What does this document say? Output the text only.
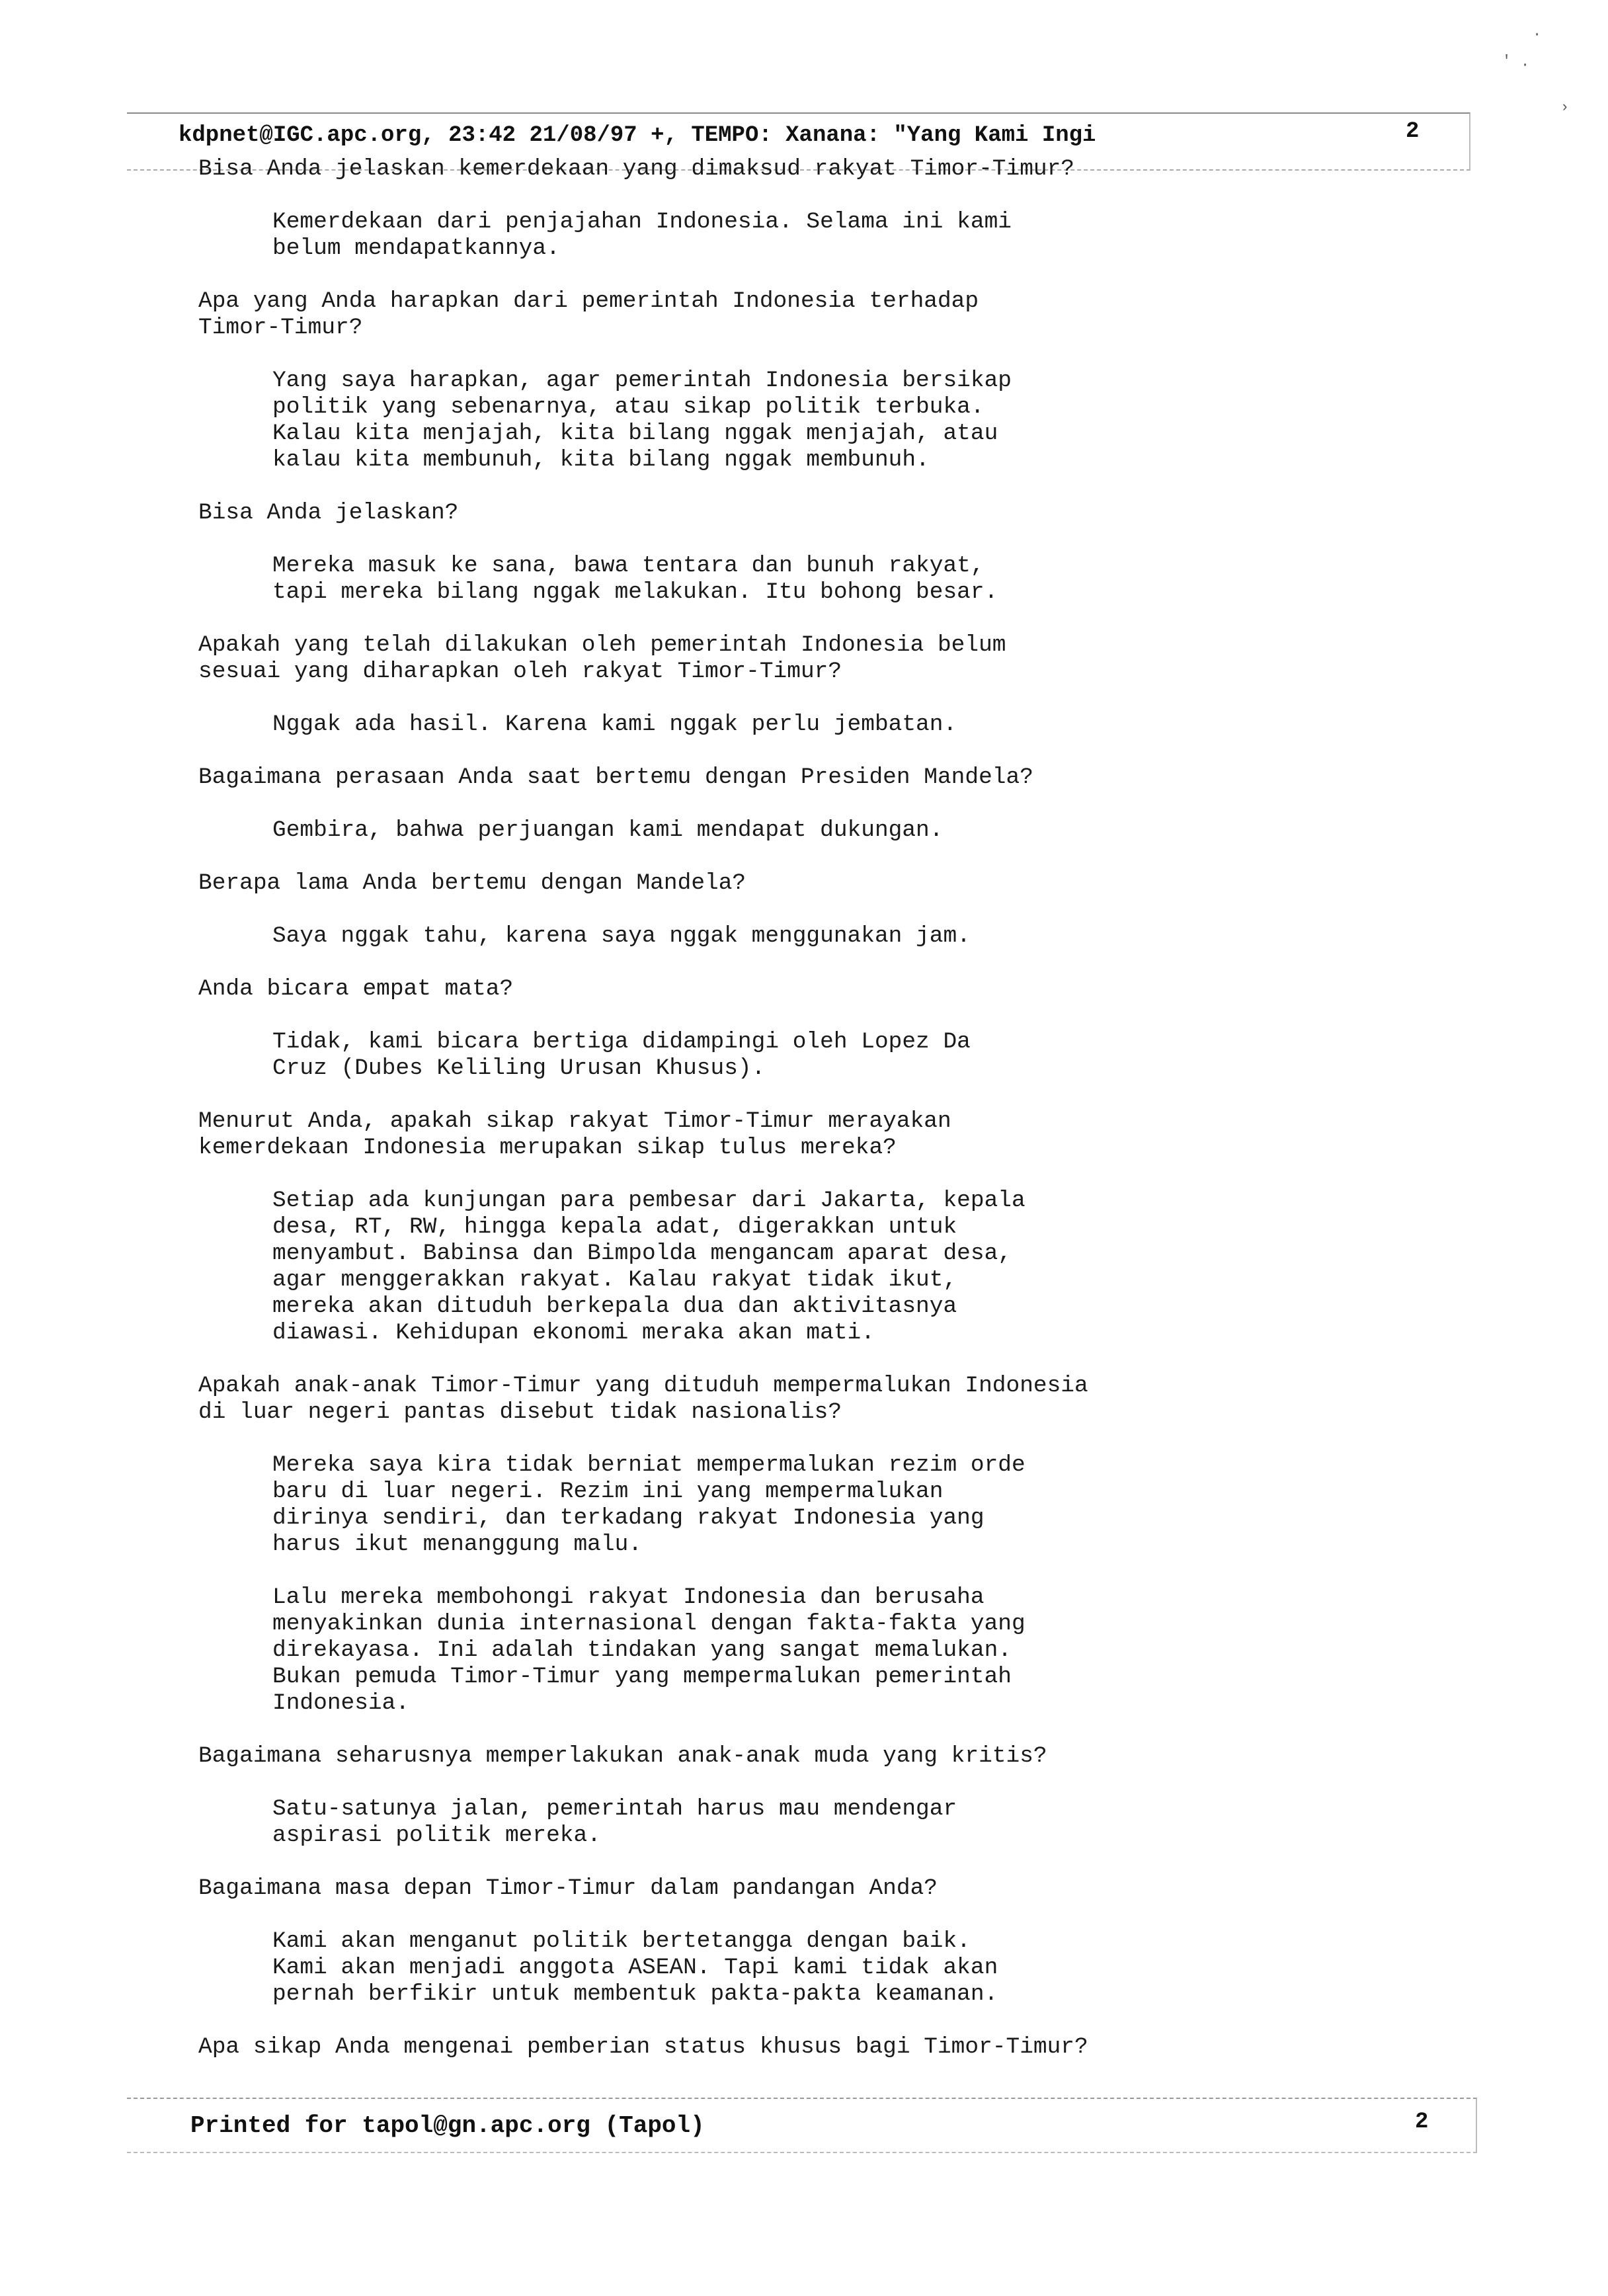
kdpnet@IGC.apc.org, 23:42 21/08/97 +, TEMPO: Xanana: "Yang Kami Ingi	2

Bisa Anda jelaskan kemerdekaan yang dimaksud rakyat Timor-Timur?

Kemerdekaan dari penjajahan Indonesia. Selama ini kami
belum mendapatkannya.

Apa yang Anda harapkan dari pemerintah Indonesia terhadap
Timor-Timur?

Yang saya harapkan, agar pemerintah Indonesia bersikap
politik yang sebenarnya, atau sikap politik terbuka.
Kalau kita menjajah, kita bilang nggak menjajah, atau
kalau kita membunuh, kita bilang nggak membunuh.

Bisa Anda jelaskan?

Mereka masuk ke sana, bawa tentara dan bunuh rakyat,
tapi mereka bilang nggak melakukan. Itu bohong besar.

Apakah yang telah dilakukan oleh pemerintah Indonesia belum
sesuai yang diharapkan oleh rakyat Timor-Timur?

Nggak ada hasil. Karena kami nggak perlu jembatan.

Bagaimana perasaan Anda saat bertemu dengan Presiden Mandela?

Gembira, bahwa perjuangan kami mendapat dukungan.

Berapa lama Anda bertemu dengan Mandela?

Saya nggak tahu, karena saya nggak menggunakan jam.

Anda bicara empat mata?

Tidak, kami bicara bertiga didampingi oleh Lopez Da
Cruz (Dubes Keliling Urusan Khusus).

Menurut Anda, apakah sikap rakyat Timor-Timur merayakan
kemerdekaan Indonesia merupakan sikap tulus mereka?

Setiap ada kunjungan para pembesar dari Jakarta, kepala
desa, RT, RW, hingga kepala adat, digerakkan untuk
menyambut. Babinsa dan Bimpolda mengancam aparat desa,
agar menggerakkan rakyat. Kalau rakyat tidak ikut,
mereka akan dituduh berkepala dua dan aktivitasnya
diawasi. Kehidupan ekonomi meraka akan mati.

Apakah anak-anak Timor-Timur yang dituduh mempermalukan Indonesia
di luar negeri pantas disebut tidak nasionalis?

Mereka saya kira tidak berniat mempermalukan rezim orde
baru di luar negeri. Rezim ini yang mempermalukan
dirinya sendiri, dan terkadang rakyat Indonesia yang
harus ikut menanggung malu.

Lalu mereka membohongi rakyat Indonesia dan berusaha
menyakinkan dunia internasional dengan fakta-fakta yang
direkayasa. Ini adalah tindakan yang sangat memalukan.
Bukan pemuda Timor-Timur yang mempermalukan pemerintah
Indonesia.

Bagaimana seharusnya memperlakukan anak-anak muda yang kritis?

Satu-satunya jalan, pemerintah harus mau mendengar
aspirasi politik mereka.

Bagaimana masa depan Timor-Timur dalam pandangan Anda?

Kami akan menganut politik bertetangga dengan baik.
Kami akan menjadi anggota ASEAN. Tapi kami tidak akan
pernah berfikir untuk membentuk pakta-pakta keamanan.

Apa sikap Anda mengenai pemberian status khusus bagi Timor-Timur?

Printed for tapol@gn.apc.org (Tapol)	2
·
' ·
›
